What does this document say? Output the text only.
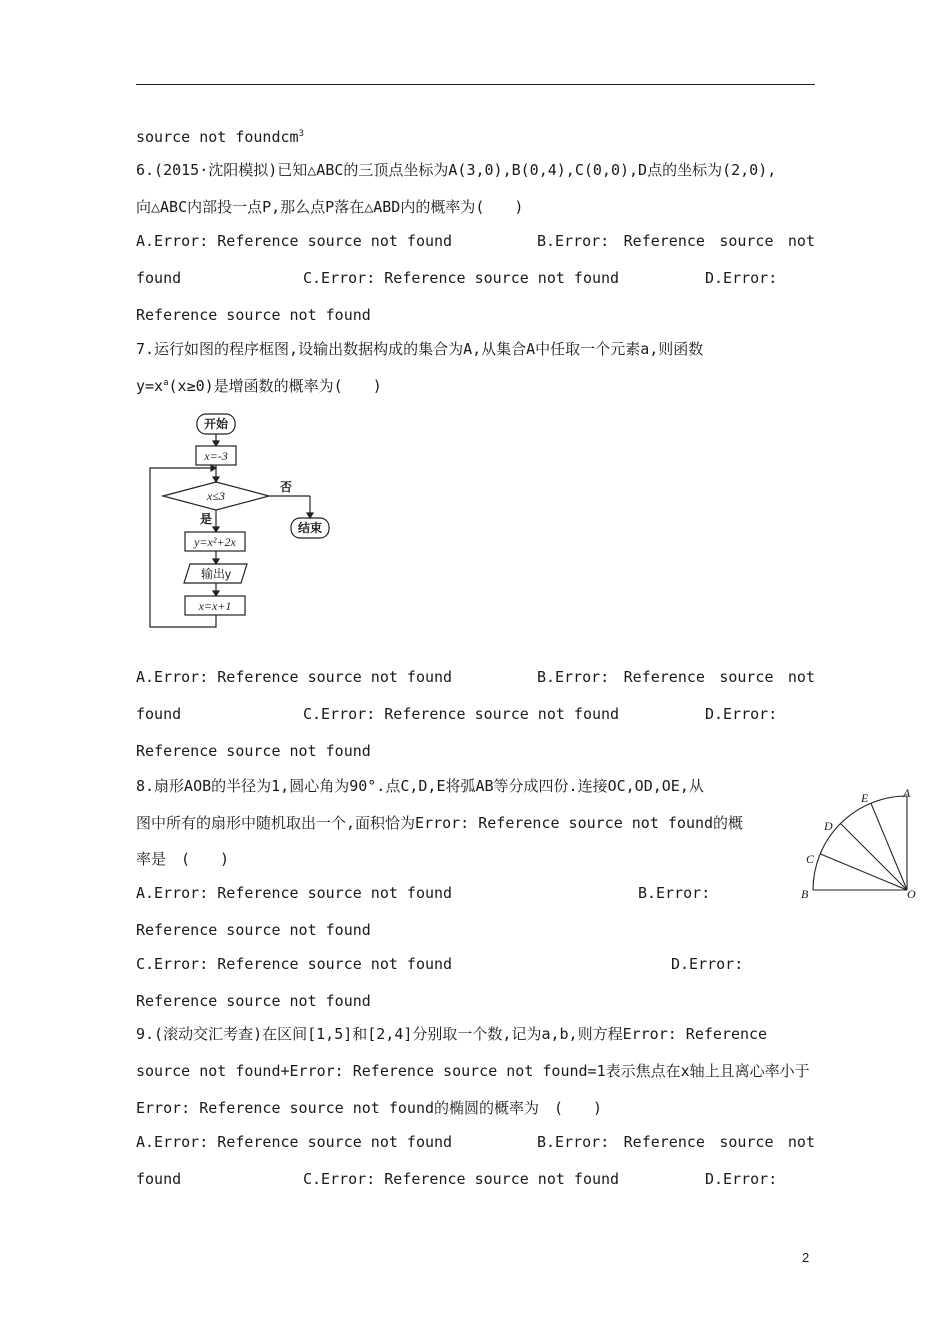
source not foundcm$^3$
6.(2015·沈阳模拟)已知△ABC的三顶点坐标为A(3,0),B(0,4),C(0,0),D点的坐标为(2,0),
向△ABC内部投一点P,那么点P落在△ABD内的概率为(　　)
A.Error: Reference source not found	B.Error: Reference source not
found	C.Error: Reference source not found	D.Error:
Reference source not found
7.运行如图的程序框图,设输出数据构成的集合为A,从集合A中任取一个元素a,则函数
$y=x^a(x\ge 0)$是增函数的概率为(　　)
开始
x=-3
x≤3
否
结束
是
y=x²+2x
输出y
x=x+1
A.Error: Reference source not found	B.Error: Reference source not
found	C.Error: Reference source not found	D.Error:
Reference source not found
8.扇形AOB的半径为1,圆心角为90°.点C,D,E将弧AB等分成四份.连接OC,OD,OE,从
图中所有的扇形中随机取出一个,面积恰为Error: Reference source not found的概
率是　(　　)
A
E
D
C
B	O
A.Error: Reference source not found	B.Error:
Reference source not found
C.Error: Reference source not found	D.Error:
Reference source not found
9.(滚动交汇考查)在区间[1,5]和[2,4]分别取一个数,记为a,b,则方程Error: Reference
source not found+Error: Reference source not found=1表示焦点在x轴上且离心率小于
Error: Reference source not found的椭圆的概率为　(　　)
A.Error: Reference source not found	B.Error: Reference source not
found	C.Error: Reference source not found	D.Error:
2
